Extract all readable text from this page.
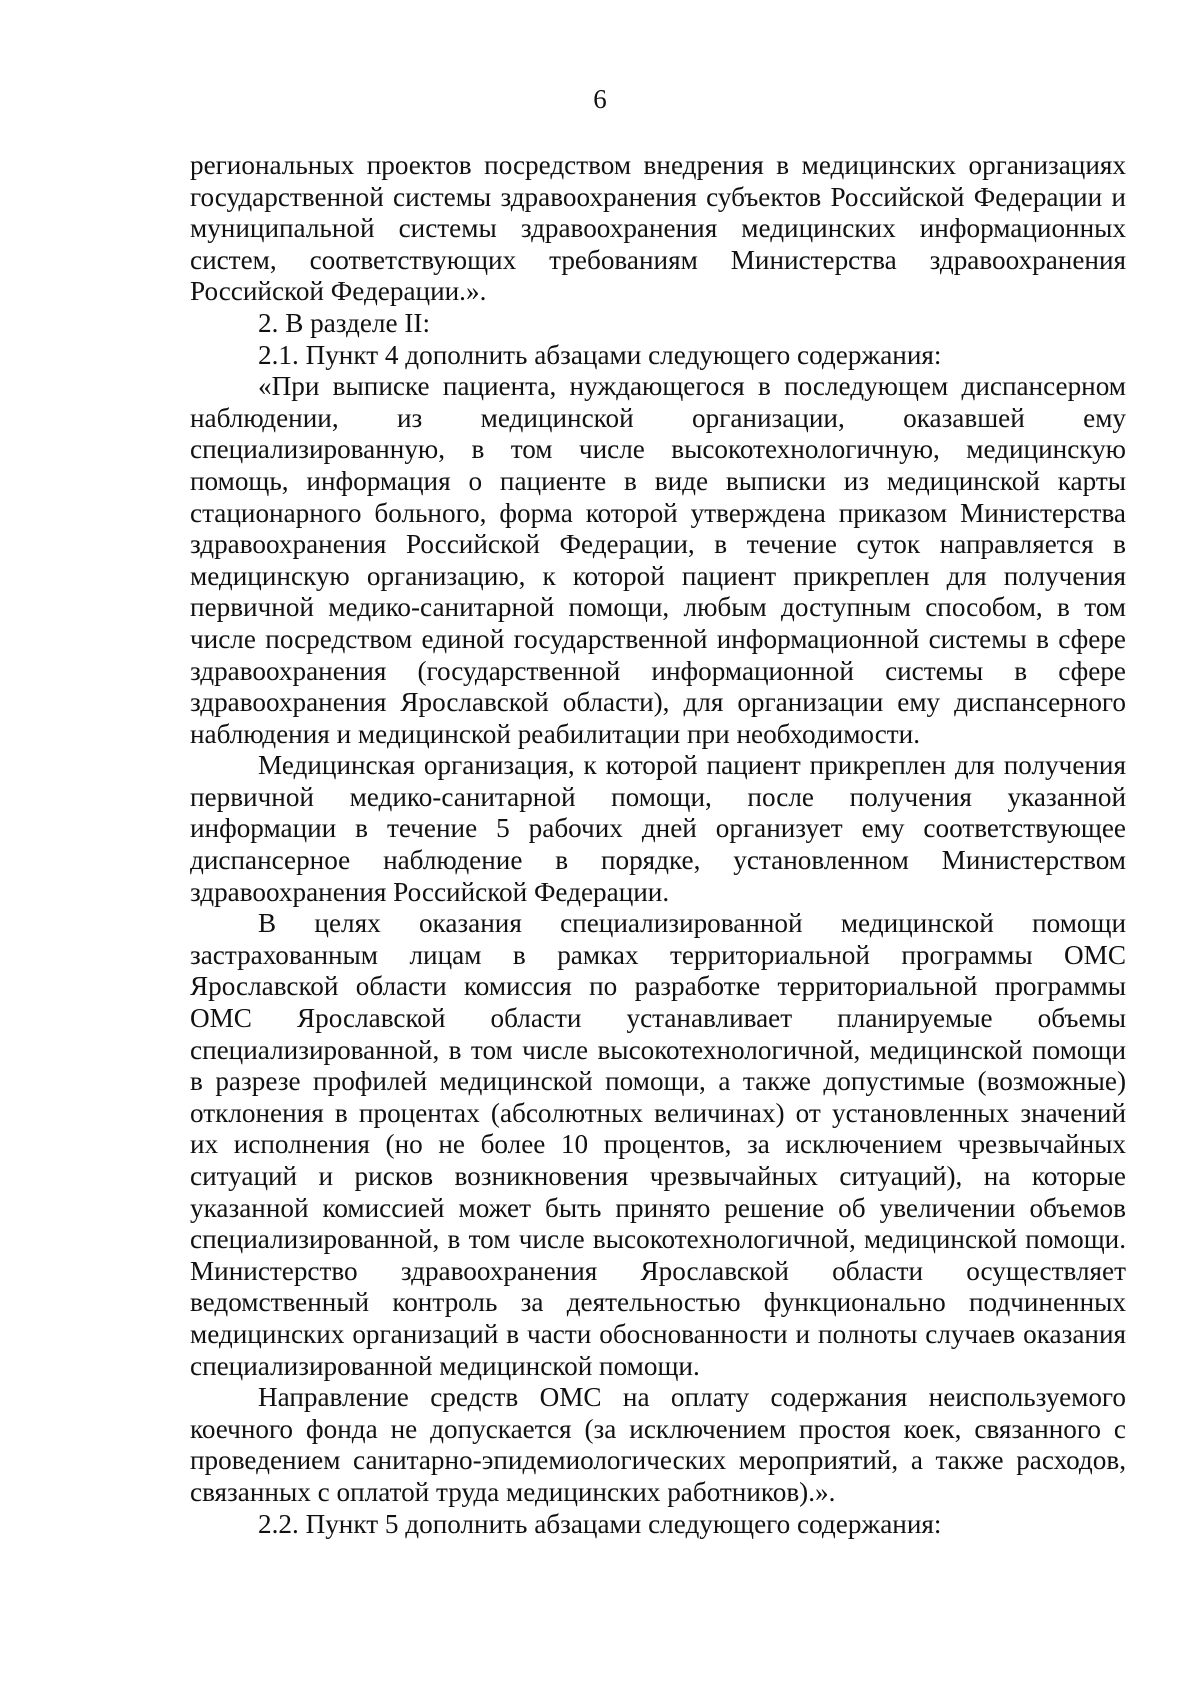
6

региональных проектов посредством внедрения в медицинских организациях государственной системы здравоохранения субъектов Российской Федерации и муниципальной системы здравоохранения медицинских информационных систем, соответствующих требованиям Министерства здравоохранения Российской Федерации.».

2. В разделе II:

2.1. Пункт 4 дополнить абзацами следующего содержания:

«При выписке пациента, нуждающегося в последующем диспансерном наблюдении, из медицинской организации, оказавшей ему специализированную, в том числе высокотехнологичную, медицинскую помощь, информация о пациенте в виде выписки из медицинской карты стационарного больного, форма которой утверждена приказом Министерства здравоохранения Российской Федерации, в течение суток направляется в медицинскую организацию, к которой пациент прикреплен для получения первичной медико-санитарной помощи, любым доступным способом, в том числе посредством единой государственной информационной системы в сфере здравоохранения (государственной информационной системы в сфере здравоохранения Ярославской области), для организации ему диспансерного наблюдения и медицинской реабилитации при необходимости.

Медицинская организация, к которой пациент прикреплен для получения первичной медико-санитарной помощи, после получения указанной информации в течение 5 рабочих дней организует ему соответствующее диспансерное наблюдение в порядке, установленном Министерством здравоохранения Российской Федерации.

В целях оказания специализированной медицинской помощи застрахованным лицам в рамках территориальной программы ОМС Ярославской области комиссия по разработке территориальной программы ОМС Ярославской области устанавливает планируемые объемы специализированной, в том числе высокотехнологичной, медицинской помощи в разрезе профилей медицинской помощи, а также допустимые (возможные) отклонения в процентах (абсолютных величинах) от установленных значений их исполнения (но не более 10 процентов, за исключением чрезвычайных ситуаций и рисков возникновения чрезвычайных ситуаций), на которые указанной комиссией может быть принято решение об увеличении объемов специализированной, в том числе высокотехнологичной, медицинской помощи. Министерство здравоохранения Ярославской области осуществляет ведомственный контроль за деятельностью функционально подчиненных медицинских организаций в части обоснованности и полноты случаев оказания специализированной медицинской помощи.

Направление средств ОМС на оплату содержания неиспользуемого коечного фонда не допускается (за исключением простоя коек, связанного с проведением санитарно-эпидемиологических мероприятий, а также расходов, связанных с оплатой труда медицинских работников).».

2.2. Пункт 5 дополнить абзацами следующего содержания:
